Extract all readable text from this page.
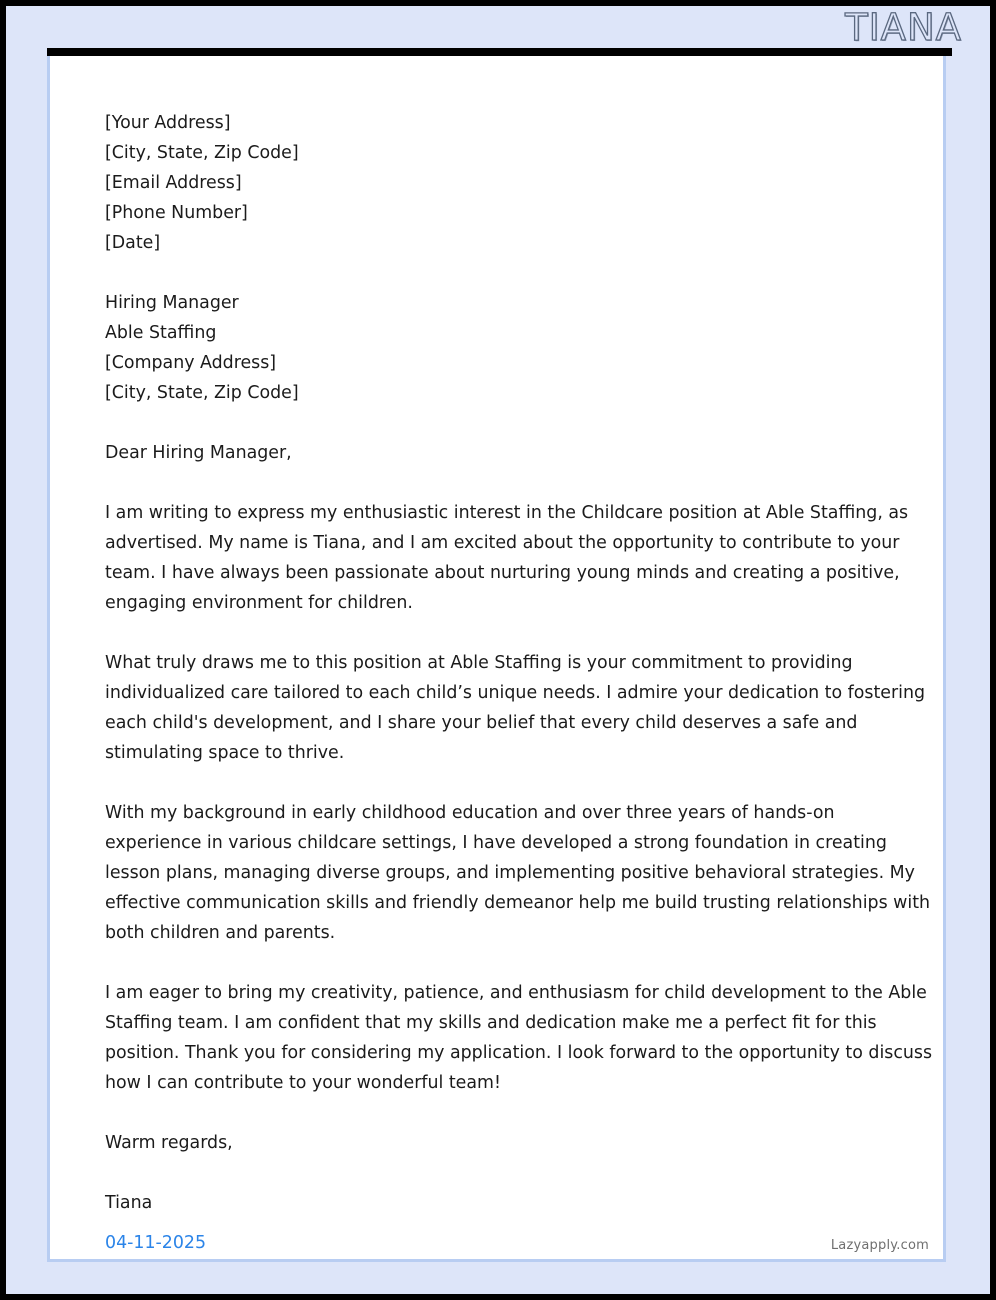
TIANA
[Your Address]
[City, State, Zip Code]
[Email Address]
[Phone Number]
[Date]
Hiring Manager
Able Staffing
[Company Address]
[City, State, Zip Code]
Dear Hiring Manager,

I am writing to express my enthusiastic interest in the Childcare position at Able Staffing, as advertised. My name is Tiana, and I am excited about the opportunity to contribute to your team. I have always been passionate about nurturing young minds and creating a positive, engaging environment for children.

What truly draws me to this position at Able Staffing is your commitment to providing individualized care tailored to each child’s unique needs. I admire your dedication to fostering each child's development, and I share your belief that every child deserves a safe and stimulating space to thrive.

With my background in early childhood education and over three years of hands-on experience in various childcare settings, I have developed a strong foundation in creating lesson plans, managing diverse groups, and implementing positive behavioral strategies. My effective communication skills and friendly demeanor help me build trusting relationships with both children and parents.

I am eager to bring my creativity, patience, and enthusiasm for child development to the Able Staffing team. I am confident that my skills and dedication make me a perfect fit for this position. Thank you for considering my application. I look forward to the opportunity to discuss how I can contribute to your wonderful team!

Warm regards,
Tiana
04-11-2025	Lazyapply.com
